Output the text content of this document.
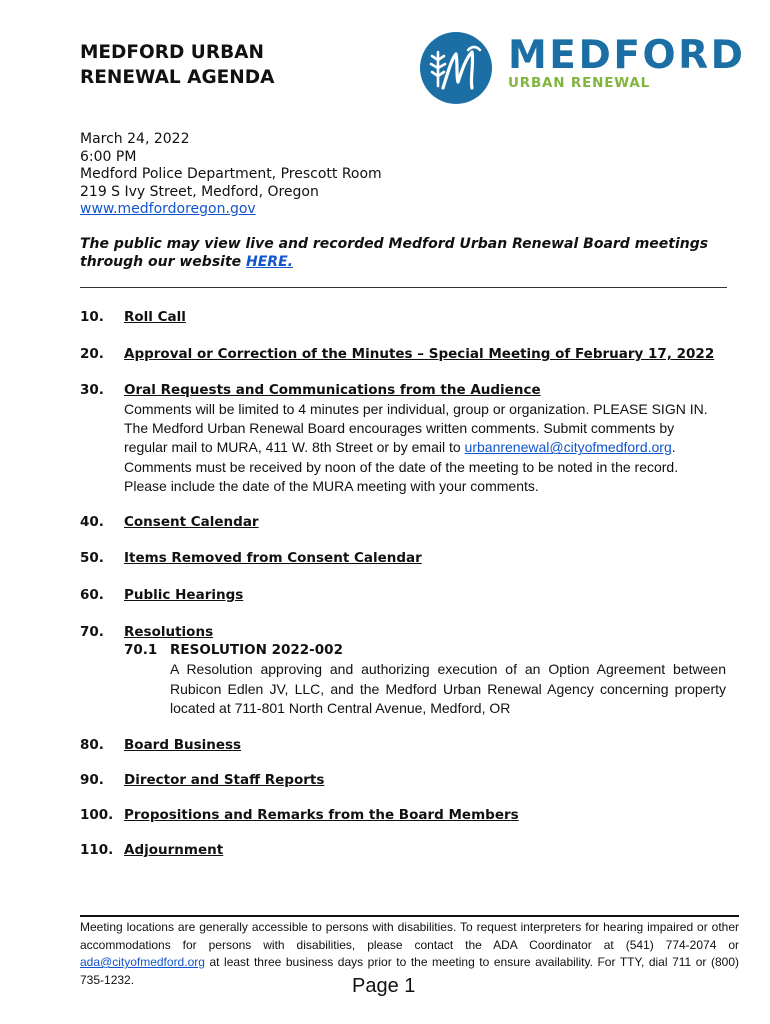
MEDFORD URBAN
RENEWAL AGENDA	MEDFORD
URBAN RENEWAL
March 24, 2022
6:00 PM
Medford Police Department, Prescott Room
219 S Ivy Street, Medford, Oregon
www.medfordoregon.gov
The public may view live and recorded Medford Urban Renewal Board meetings through our website HERE.
10. Roll Call
20. Approval or Correction of the Minutes – Special Meeting of February 17, 2022
30. Oral Requests and Communications from the Audience
Comments will be limited to 4 minutes per individual, group or organization. PLEASE SIGN IN.
The Medford Urban Renewal Board encourages written comments. Submit comments by
regular mail to MURA, 411 W. 8th Street or by email to urbanrenewal@cityofmedford.org.
Comments must be received by noon of the date of the meeting to be noted in the record.
Please include the date of the MURA meeting with your comments.
40. Consent Calendar
50. Items Removed from Consent Calendar
60. Public Hearings
70. Resolutions
70.1 RESOLUTION 2022-002
A Resolution approving and authorizing execution of an Option Agreement between Rubicon Edlen JV, LLC, and the Medford Urban Renewal Agency concerning property located at 711-801 North Central Avenue, Medford, OR
80. Board Business
90. Director and Staff Reports
100. Propositions and Remarks from the Board Members
110. Adjournment
Meeting locations are generally accessible to persons with disabilities. To request interpreters for hearing impaired or other accommodations for persons with disabilities, please contact the ADA Coordinator at (541) 774-2074 or ada@cityofmedford.org at least three business days prior to the meeting to ensure availability. For TTY, dial 711 or (800) 735-1232.	Page 1
